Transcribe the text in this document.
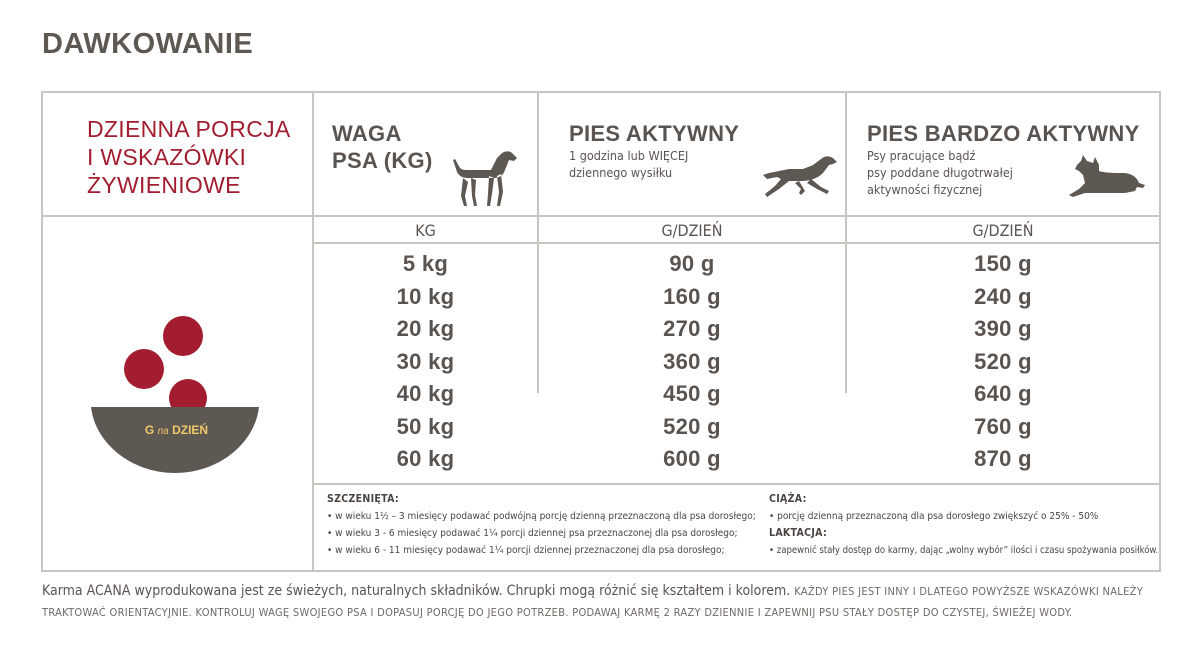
DAWKOWANIE
DZIENNA PORCJA
I WSKAZÓWKI
ŻYWIENIOWE
G na DZIEŃ
WAGA
PSA (KG)
PIES AKTYWNY
1 godzina lub WIĘCEJ
dziennego wysiłku
PIES BARDZO AKTYWNY
Psy pracujące bądź
psy poddane długotrwałej
aktywności fizycznej
KG	G/DZIEŃ	G/DZIEŃ
5 kg
10 kg
20 kg
30 kg
40 kg
50 kg
60 kg
90 g
160 g
270 g
360 g
450 g
520 g
600 g
150 g
240 g
390 g
520 g
640 g
760 g
870 g
SZCZENIĘTA:
• w wieku 1½ – 3 miesięcy podawać podwójną porcję dzienną przeznaczoną dla psa dorosłego;
• w wieku 3 - 6 miesięcy podawać 1¼ porcji dziennej psa przeznaczonej dla psa dorosłego;
• w wieku 6 - 11 miesięcy podawać 1¼ porcji dziennej przeznaczonej dla psa dorosłego;
CIĄŻA:
• porcję dzienną przeznaczoną dla psa dorosłego zwiększyć o 25% - 50%
LAKTACJA:
• zapewnić stały dostęp do karmy, dając „wolny wybór” ilości i czasu spożywania posiłków.
Karma ACANA wyprodukowana jest ze świeżych, naturalnych składników. Chrupki mogą różnić się kształtem i kolorem. KAŻDY PIES JEST INNY I DLATEGO POWYŻSZE WSKAZÓWKI NALEŻY TRAKTOWAĆ ORIENTACYJNIE. KONTROLUJ WAGĘ SWOJEGO PSA I DOPASUJ PORCJĘ DO JEGO POTRZEB. PODAWAJ KARMĘ 2 RAZY DZIENNIE I ZAPEWNIJ PSU STAŁY DOSTĘP DO CZYSTEJ, ŚWIEŻEJ WODY.
